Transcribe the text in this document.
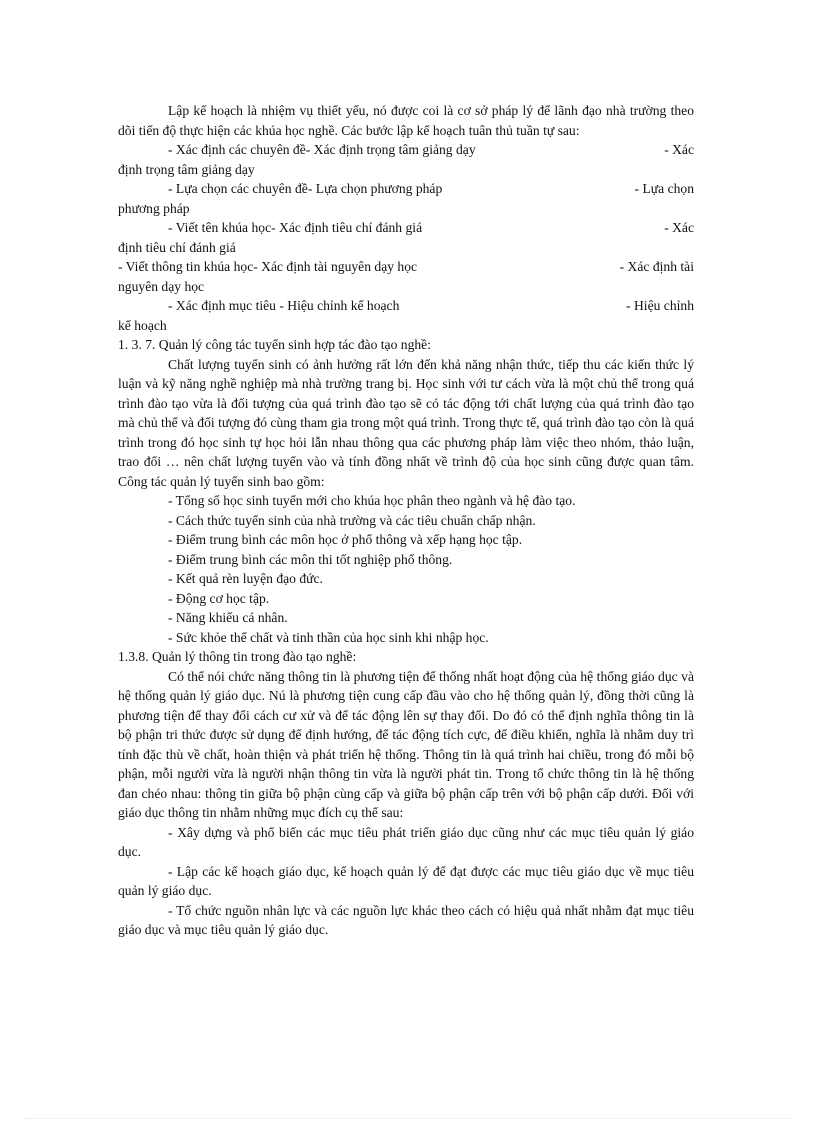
Lập kế hoạch là nhiệm vụ thiết yếu, nó được coi là cơ sở pháp lý để lãnh đạo nhà trường theo dõi tiến độ thực hiện các khúa học nghề. Các bước lập kế hoạch tuân thủ tuần tự sau:

- Xác định các chuyên đề- Xác định trọng tâm giảng dạy	- Xác
định trọng tâm giảng dạy
- Lựa chọn các chuyên đề- Lựa chọn phương pháp	- Lựa chọn
phương pháp
- Viết tên khúa học- Xác định tiêu chí đánh giá	- Xác
định tiêu chí đánh giá
- Viết thông tin khúa học- Xác định tài nguyên dạy học	- Xác định tài
nguyên dạy học
- Xác định mục tiêu - Hiệu chỉnh kế hoạch	- Hiệu chỉnh
kế hoạch

1. 3. 7. Quản lý công tác tuyển sinh hợp tác đào tạo nghề:

Chất lượng tuyển sinh có ảnh hưởng rất lớn đến khả năng nhận thức, tiếp thu các kiến thức lý luận và kỹ năng nghề nghiệp mà nhà trường trang bị. Học sinh với tư cách vừa là một chủ thể trong quá trình đào tạo vừa là đối tượng của quá trình đào tạo sẽ có tác động tới chất lượng của quá trình đào tạo mà chủ thể và đối tượng đó cùng tham gia trong một quá trình. Trong thực tế, quá trình đào tạo còn là quá trình trong đó học sinh tự học hỏi lẫn nhau thông qua các phương pháp làm việc theo nhóm, thảo luận, trao đổi … nên chất lượng tuyển vào và tính đồng nhất về trình độ của học sinh cũng được quan tâm. Công tác quản lý tuyển sinh bao gồm:

- Tổng số học sinh tuyển mới cho khúa học phân theo ngành và hệ đào tạo.

- Cách thức tuyển sinh của nhà trường và các tiêu chuẩn chấp nhận.

- Điểm trung bình các môn học ở phổ thông và xếp hạng học tập.

- Điểm trung bình các môn thi tốt nghiệp phổ thông.

- Kết quả rèn luyện đạo đức.

- Động cơ học tập.

- Năng khiếu cá nhân.

- Sức khỏe thể chất và tinh thần của học sinh khi nhập học.

1.3.8. Quản lý thông tin trong đào tạo nghề:

Có thể nói chức năng thông tin là phương tiện để thống nhất hoạt động của hệ thống giáo dục và hệ thống quản lý giáo dục. Nú là phương tiện cung cấp đầu vào cho hệ thống quản lý, đồng thời cũng là phương tiện để thay đổi cách cư xử và để tác động lên sự thay đổi. Do đó có thể định nghĩa thông tin là bộ phận tri thức được sử dụng để định hướng, để tác động tích cực, để điều khiển, nghĩa là nhằm duy trì tính đặc thù về chất, hoàn thiện và phát triển hệ thống. Thông tin là quá trình hai chiều, trong đó mỗi bộ phận, mỗi người vừa là người nhận thông tin vừa là người phát tin. Trong tổ chức thông tin là hệ thống đan chéo nhau: thông tin giữa bộ phận cùng cấp và giữa bộ phận cấp trên với bộ phận cấp dưới. Đối với giáo dục thông tin nhằm những mục đích cụ thể sau:

- Xây dựng và phổ biến các mục tiêu phát triển giáo dục cũng như các mục tiêu quản lý giáo dục.

- Lập các kế hoạch giáo dục, kế hoạch quản lý để đạt được các mục tiêu giáo dục về mục tiêu quản lý giáo dục.

- Tổ chức nguồn nhân lực và các nguồn lực khác theo cách có hiệu quả nhất nhằm đạt mục tiêu giáo dục và mục tiêu quản lý giáo dục.
